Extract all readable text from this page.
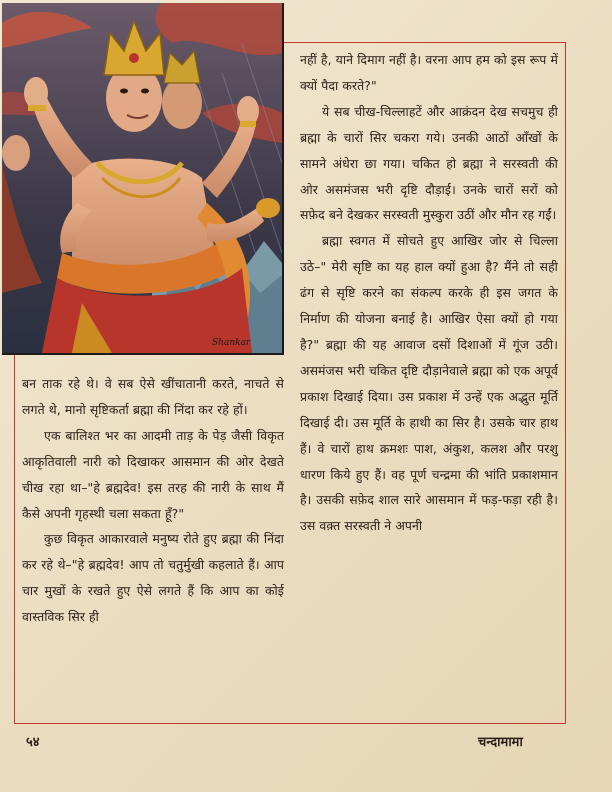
Shankar

नहीं है, याने दिमाग नहीं है। वरना आप हम को इस रूप में क्यों पैदा करते?"

ये सब चीख-चिल्लाहटें और आक्रंदन देख सचमुच ही ब्रह्मा के चारों सिर चकरा गये। उनकी आठों आँखों के सामने अंधेरा छा गया। चकित हो ब्रह्मा ने सरस्वती की ओर असमंजस भरी दृष्टि दौड़ाई। उनके चारों सरों को सफ़ेद बने देखकर सरस्वती मुस्कुरा उठीं और मौन रह गईं।

ब्रह्मा स्वगत में सोचते हुए आखिर जोर से चिल्ला उठे–" मेरी सृष्टि का यह हाल क्यों हुआ है? मैंने तो सही ढंग से सृष्टि करने का संकल्प करके ही इस जगत के निर्माण की योजना बनाई है। आखिर ऐसा क्यों हो गया है?" ब्रह्मा की यह आवाज दसों दिशाओं में गूंज उठी। असमंजस भरी चकित दृष्टि दौड़ानेवाले ब्रह्मा को एक अपूर्व प्रकाश दिखाई दिया। उस प्रकाश में उन्हें एक अद्भुत मूर्ति दिखाई दी। उस मूर्ति के हाथी का सिर है। उसके चार हाथ हैं। वे चारों हाथ क्रमशः पाश, अंकुश, कलश और परशु धारण किये हुए हैं। वह पूर्ण चन्द्रमा की भांति प्रकाशमान है। उसकी सफ़ेद शाल सारे आसमान में फड़-फड़ा रही है। उस वक़्त सरस्वती ने अपनी

बन ताक रहे थे। वे सब ऐसे खींचातानी करते, नाचते से लगते थे, मानो सृष्टिकर्ता ब्रह्मा की निंदा कर रहे हों।

एक बालिश्त भर का आदमी ताड़ के पेड़ जैसी विकृत आकृतिवाली नारी को दिखाकर आसमान की ओर देखते चीख रहा था–"हे ब्रह्मदेव! इस तरह की नारी के साथ मैं कैसे अपनी गृहस्थी चला सकता हूँ?"

कुछ विकृत आकारवाले मनुष्य रोते हुए ब्रह्मा की निंदा कर रहे थे–"हे ब्रह्मदेव! आप तो चतुर्मुखी कहलाते हैं। आप चार मुखों के रखते हुए ऐसे लगते हैं कि आप का कोई वास्तविक सिर ही

५४	चन्दामामा
